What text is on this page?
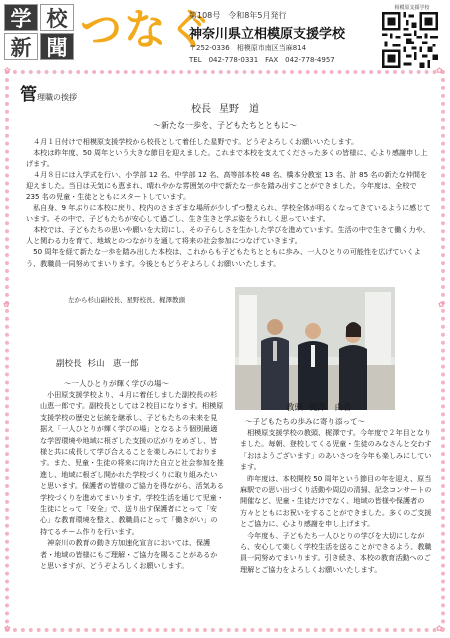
学 校
新 聞 つなぐ
第108号　令和8年5月発行
神奈川県立相模原支援学校
〒252-0336　相模原市南区当麻814
TEL　042-778-0331　FAX　042-778-4957
相模原支援学校
✿	✿
✿	✿
✿	✿
管理職の挨拶
校長 星野　道
～新たな一歩を、子どもたちとともに～

４月１日付けで相模原支援学校から校長として着任した星野です。どうぞよろしくお願いいたします。

本校は昨年度、50 周年という大きな節目を迎えました。これまで本校を支えてくださった多くの皆様に、心より感謝申し上げます。

４月８日には入学式を行い、小学部 12 名、中学部 12 名、高等部本校 48 名、橋本分教室 13 名、計 85 名の新たな仲間を迎えました。当日は天気にも恵まれ、晴れやかな雰囲気の中で新たな一歩を踏み出すことができました。今年度は、全校で 235 名の児童・生徒とともにスタートしています。

私自身、9 年ぶりに本校に戻り、校内のさまざまな場所が少しずつ整えられ、学校全体が明るくなってきているように感じています。その中で、子どもたちが安心して過ごし、生き生きと学ぶ姿をうれしく思っています。

本校では、子どもたちの思いや願いを大切にし、その子らしさを生かした学びを進めています。生活の中で生きて働く力や、人と関わる力を育て、地域とのつながりを通して将来の社会参加につなげていきます。

50 周年を経て新たな一歩を踏み出した本校は、これからも子どもたちとともに歩み、一人ひとりの可能性を広げていくよう、教職員一同努めてまいります。今後ともどうぞよろしくお願いいたします。

左から杉山副校長、星野校長、梶澤教頭
副校長 杉山　恵一郎
～一人ひとりが輝く学びの場～

小田原支援学校より、４月に着任しました副校長の杉山恵一郎です。副校長としては２校目になります。相模原支援学校の歴史と伝統を継承し、子どもたちの未来を見据え「一人ひとりが輝く学びの場」となるよう個別最適な学習環境や地域に根ざした支援の広がりをめざし、皆様と共に成長して学び合えることを楽しみにしております。また、児童・生徒の将来に向けた自立と社会参加を推進し、地域に根ざし開かれた学校づくりに取り組みたいと思います。保護者の皆様のご協力を得ながら、活気ある学校づくりを進めてまいります。学校生活を通じて児童・生徒にとって「安全」で、送り出す保護者にとって「安心」な教育環境を整え、教職員にとって「働きがい」の持てるチーム作りを行います。

神奈川の教育の動き方加速化宣言においては、保護者・地域の皆様にもご理解・ご協力を賜ることがあるかと思いますが、どうぞよろしくお願いします。

教頭 梶澤　由香
～子どもたちの歩みに寄り添って～

相模原支援学校の教頭、梶澤です。今年度で２年目となりました。毎朝、登校してくる児童・生徒のみなさんと交わす「おはようございます」のあいさつを今年も楽しみにしています。

昨年度は、本校開校 50 周年という節目の年を迎え、原当麻駅での思い出づくり活動や周辺の清掃、記念コンサートの開催など、児童・生徒だけでなく、地域の皆様や保護者の方々とともにお祝いをすることができました。多くのご支援とご協力に、心より感謝を申し上げます。

今年度も、子どもたち一人ひとりの学びを大切にしながら、安心して楽しく学校生活を送ることができるよう、教職員一同努めてまいります。引き続き、本校の教育活動へのご理解とご協力をよろしくお願いいたします。
